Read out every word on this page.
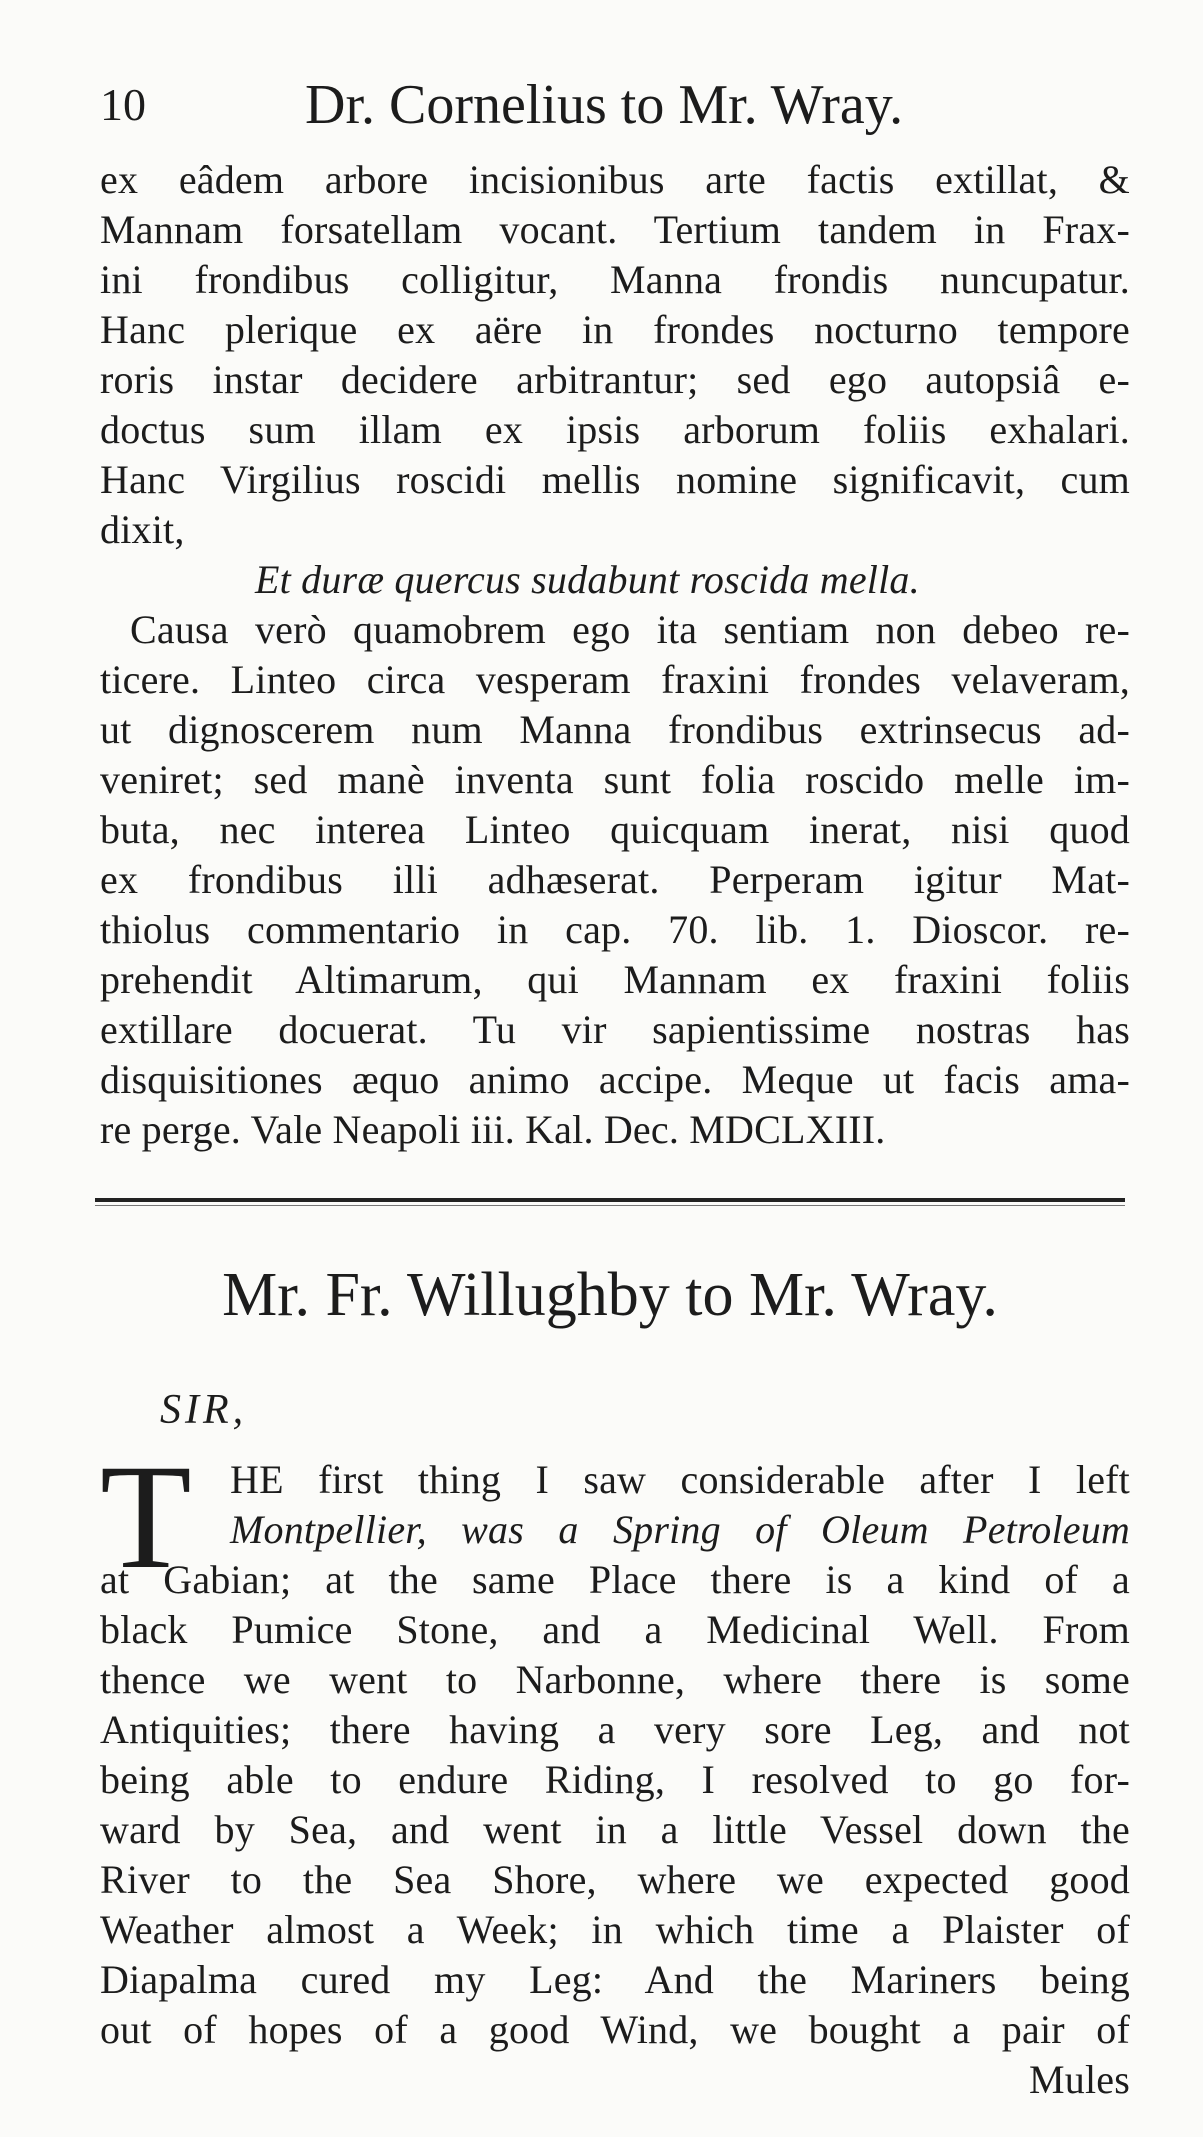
10	Dr. Cornelius to Mr. Wray.
ex eâdem arbore incisionibus arte factis extillat, &
Mannam forsatellam vocant. Tertium tandem in Frax-
ini frondibus colligitur, Manna frondis nuncupatur.
Hanc plerique ex aëre in frondes nocturno tempore
roris instar decidere arbitrantur; sed ego autopsiâ e-
doctus sum illam ex ipsis arborum foliis exhalari.
Hanc Virgilius roscidi mellis nomine significavit, cum
dixit,
Et duræ quercus sudabunt roscida mella.
Causa verò quamobrem ego ita sentiam non debeo re-
ticere. Linteo circa vesperam fraxini frondes velaveram,
ut dignoscerem num Manna frondibus extrinsecus ad-
veniret; sed manè inventa sunt folia roscido melle im-
buta, nec interea Linteo quicquam inerat, nisi quod
ex frondibus illi adhæserat. Perperam igitur Mat-
thiolus commentario in cap. 70. lib. 1. Dioscor. re-
prehendit Altimarum, qui Mannam ex fraxini foliis
extillare docuerat. Tu vir sapientissime nostras has
disquisitiones æquo animo accipe. Meque ut facis ama-
re perge. Vale Neapoli iii. Kal. Dec. MDCLXIII.
Mr. Fr. Willughby to Mr. Wray.
SIR,
T HE first thing I saw considerable after I left
Montpellier, was a Spring of Oleum Petroleum
at Gabian; at the same Place there is a kind of a
black Pumice Stone, and a Medicinal Well. From
thence we went to Narbonne, where there is some
Antiquities; there having a very sore Leg, and not
being able to endure Riding, I resolved to go for-
ward by Sea, and went in a little Vessel down the
River to the Sea Shore, where we expected good
Weather almost a Week; in which time a Plaister of
Diapalma cured my Leg: And the Mariners being
out of hopes of a good Wind, we bought a pair of
Mules
